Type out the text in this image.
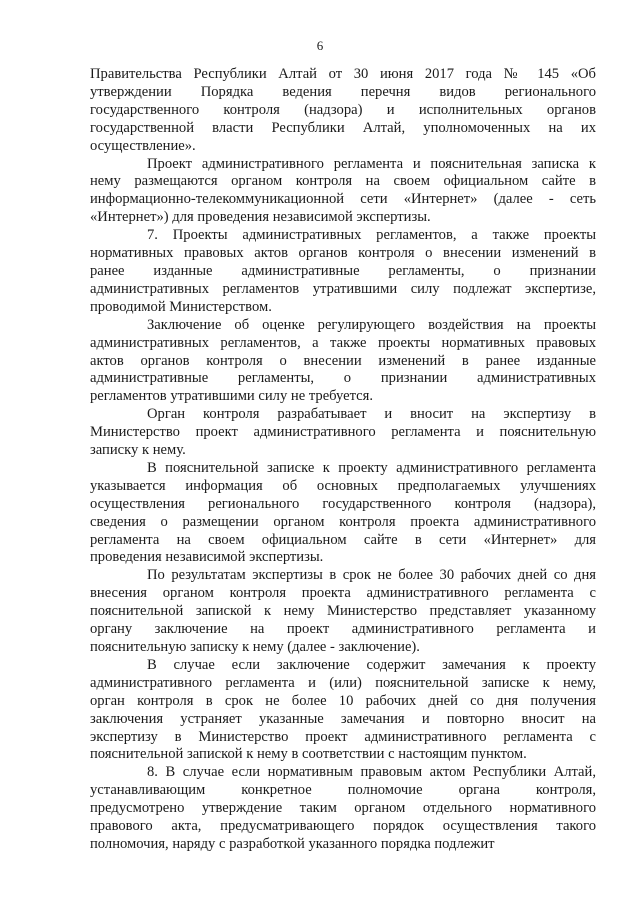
6
Правительства Республики Алтай от 30 июня 2017 года № 145 «Об
утверждении Порядка ведения перечня видов регионального
государственного контроля (надзора) и исполнительных органов
государственной власти Республики Алтай, уполномоченных на их
осуществление».
Проект административного регламента и пояснительная записка к
нему размещаются органом контроля на своем официальном сайте в
информационно-телекоммуникационной сети «Интернет» (далее - сеть
«Интернет») для проведения независимой экспертизы.
7. Проекты административных регламентов, а также проекты
нормативных правовых актов органов контроля о внесении изменений в
ранее изданные административные регламенты, о признании
административных регламентов утратившими силу подлежат экспертизе,
проводимой Министерством.
Заключение об оценке регулирующего воздействия на проекты
административных регламентов, а также проекты нормативных правовых
актов органов контроля о внесении изменений в ранее изданные
административные регламенты, о признании административных
регламентов утратившими силу не требуется.
Орган контроля разрабатывает и вносит на экспертизу в
Министерство проект административного регламента и пояснительную
записку к нему.
В пояснительной записке к проекту административного регламента
указывается информация об основных предполагаемых улучшениях
осуществления регионального государственного контроля (надзора),
сведения о размещении органом контроля проекта административного
регламента на своем официальном сайте в сети «Интернет» для
проведения независимой экспертизы.
По результатам экспертизы в срок не более 30 рабочих дней со дня
внесения органом контроля проекта административного регламента с
пояснительной запиской к нему Министерство представляет указанному
органу заключение на проект административного регламента и
пояснительную записку к нему (далее - заключение).
В случае если заключение содержит замечания к проекту
административного регламента и (или) пояснительной записке к нему,
орган контроля в срок не более 10 рабочих дней со дня получения
заключения устраняет указанные замечания и повторно вносит на
экспертизу в Министерство проект административного регламента с
пояснительной запиской к нему в соответствии с настоящим пунктом.
8. В случае если нормативным правовым актом Республики Алтай,
устанавливающим конкретное полномочие органа контроля,
предусмотрено утверждение таким органом отдельного нормативного
правового акта, предусматривающего порядок осуществления такого
полномочия, наряду с разработкой указанного порядка подлежит
